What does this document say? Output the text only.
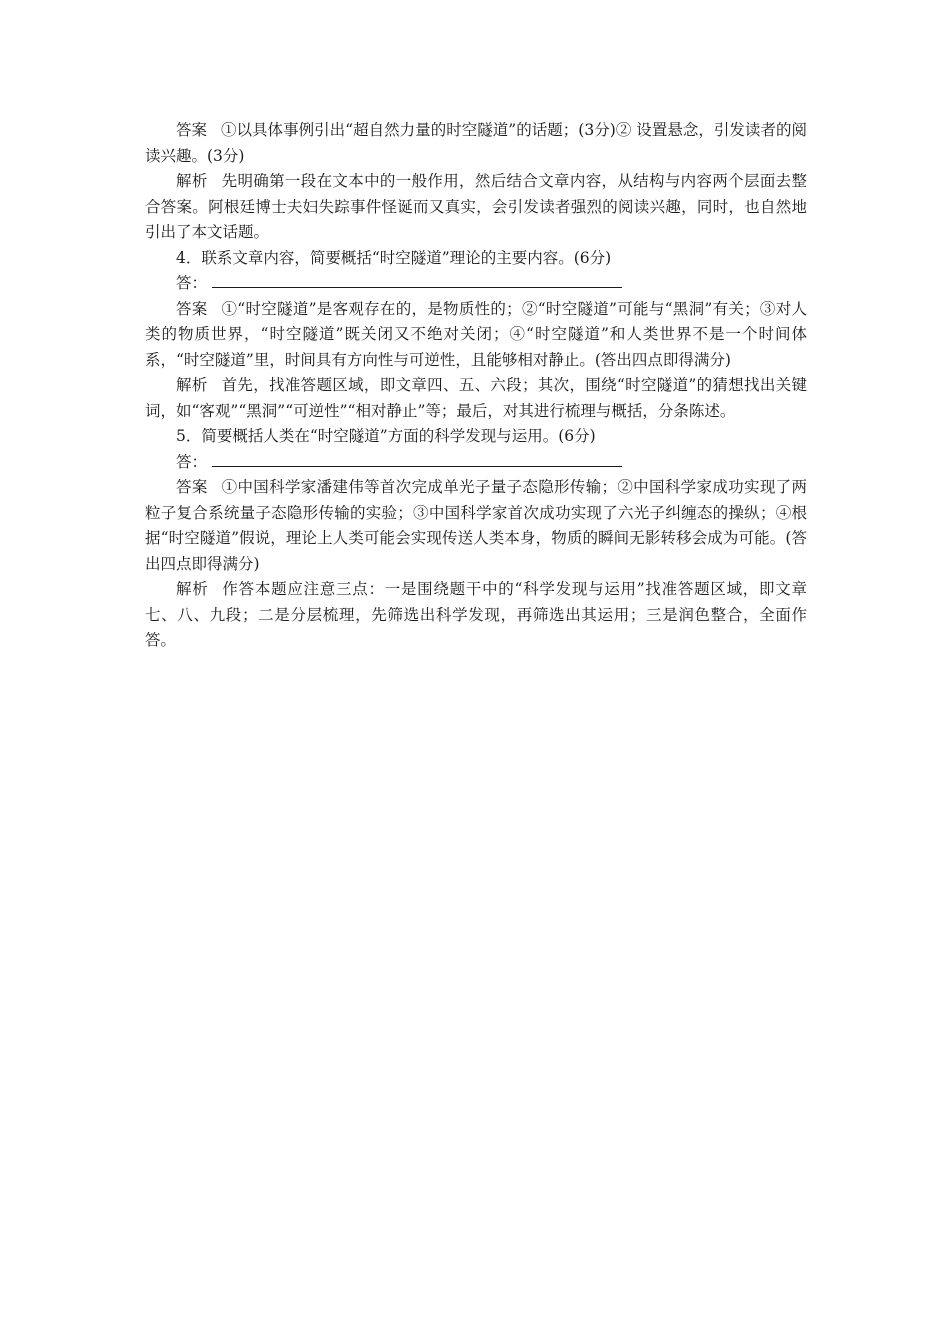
答案 ①以具体事例引出“超自然力量的时空隧道”的话题；(3分)② 设置悬念，引发读者的阅读兴趣。(3分)

解析 先明确第一段在文本中的一般作用，然后结合文章内容，从结构与内容两个层面去整合答案。阿根廷博士夫妇失踪事件怪诞而又真实，会引发读者强烈的阅读兴趣，同时，也自然地引出了本文话题。

4．联系文章内容，简要概括“时空隧道”理论的主要内容。(6分)

答：

答案 ①“时空隧道”是客观存在的，是物质性的；②“时空隧道”可能与“黑洞”有关；③对人类的物质世界，“时空隧道”既关闭又不绝对关闭；④“时空隧道”和人类世界不是一个时间体系，“时空隧道”里，时间具有方向性与可逆性，且能够相对静止。(答出四点即得满分)

解析 首先，找准答题区域，即文章四、五、六段；其次，围绕“时空隧道”的猜想找出关键词，如“客观”“黑洞”“可逆性”“相对静止”等；最后，对其进行梳理与概括，分条陈述。

5．简要概括人类在“时空隧道”方面的科学发现与运用。(6分)

答：

答案 ①中国科学家潘建伟等首次完成单光子量子态隐形传输；②中国科学家成功实现了两粒子复合系统量子态隐形传输的实验；③中国科学家首次成功实现了六光子纠缠态的操纵；④根据“时空隧道”假说，理论上人类可能会实现传送人类本身，物质的瞬间无影转移会成为可能。(答出四点即得满分)

解析 作答本题应注意三点：一是围绕题干中的“科学发现与运用”找准答题区域，即文章七、八、九段；二是分层梳理，先筛选出科学发现，再筛选出其运用；三是润色整合，全面作答。
